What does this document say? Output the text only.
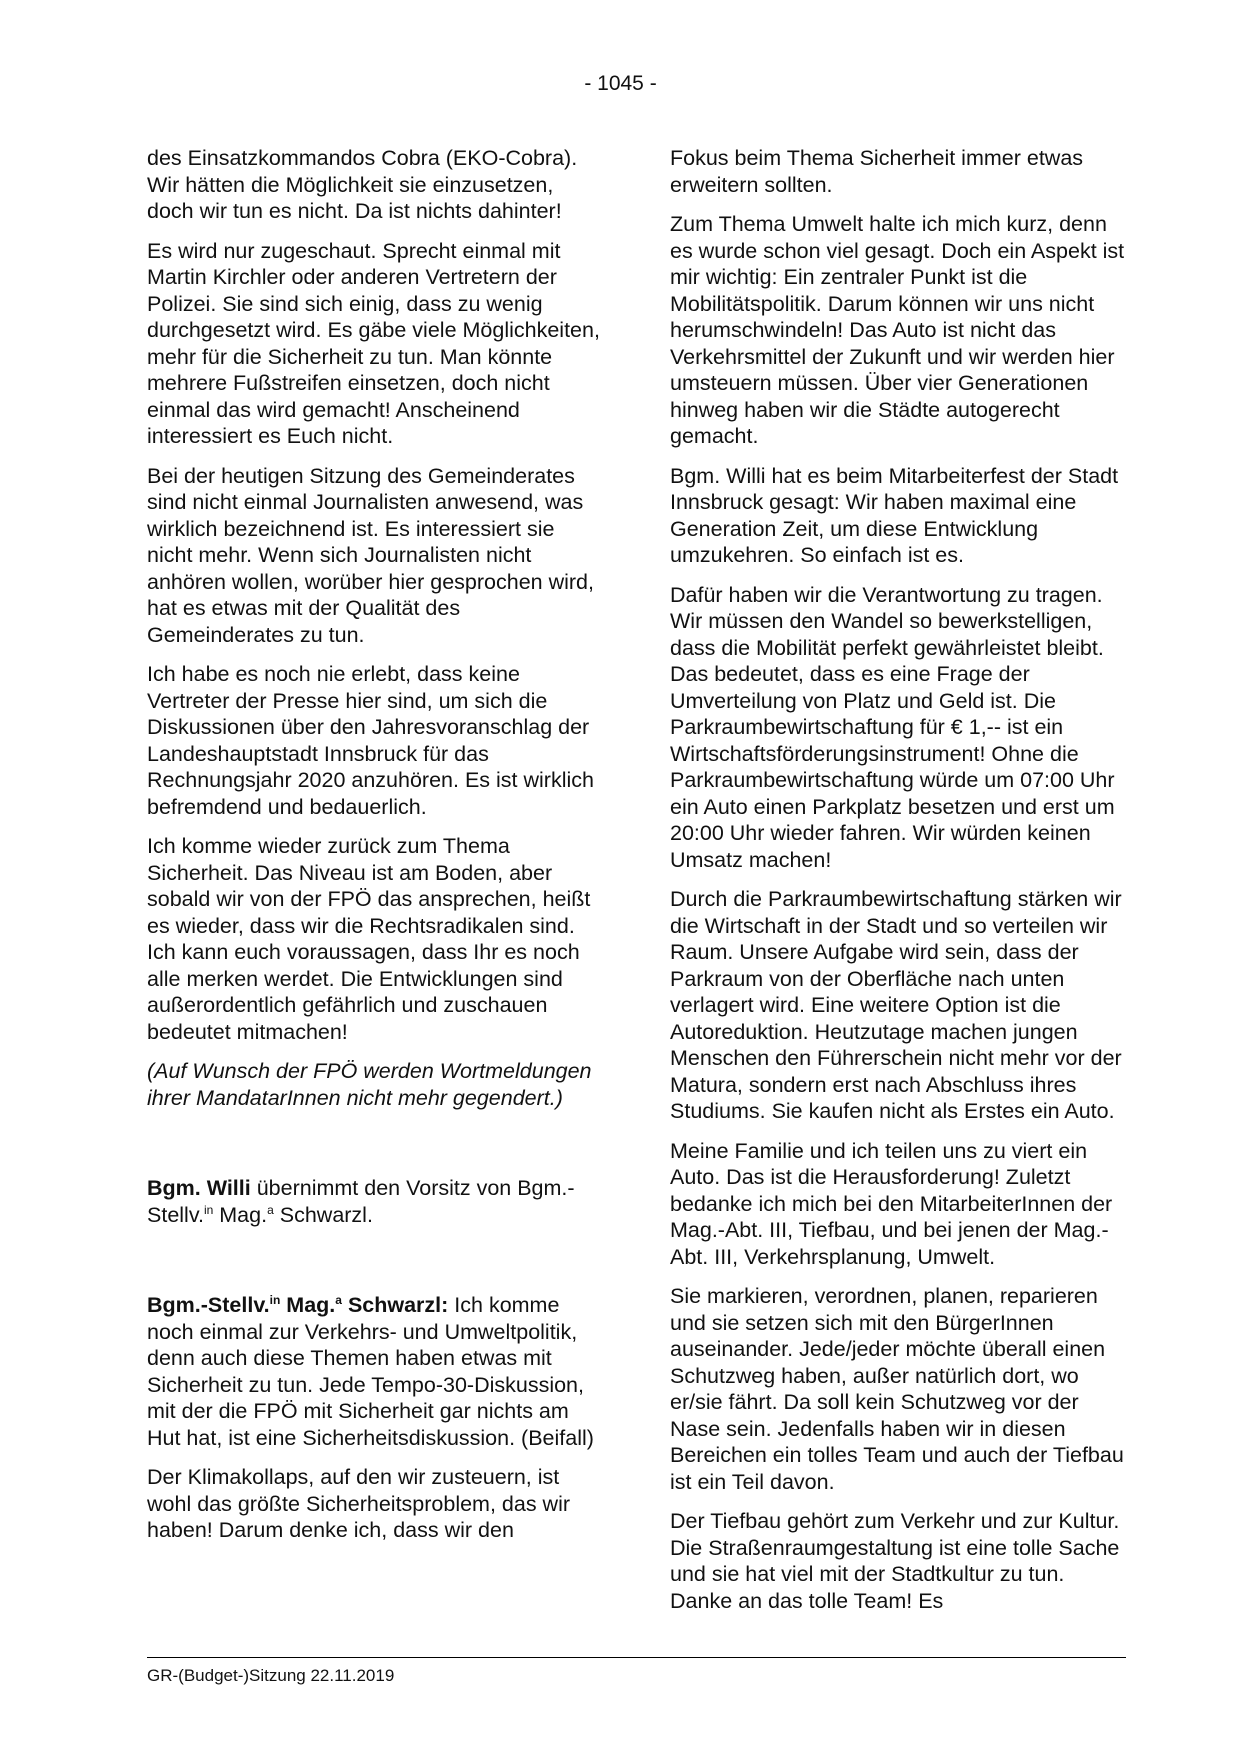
- 1045 -

des Einsatzkommandos Cobra (EKO-Cobra). Wir hätten die Möglichkeit sie einzusetzen, doch wir tun es nicht. Da ist nichts dahinter!

Es wird nur zugeschaut. Sprecht einmal mit Martin Kirchler oder anderen Vertretern der Polizei. Sie sind sich einig, dass zu wenig durchgesetzt wird. Es gäbe viele Möglichkeiten, mehr für die Sicherheit zu tun. Man könnte mehrere Fußstreifen einsetzen, doch nicht einmal das wird gemacht! Anscheinend interessiert es Euch nicht.

Bei der heutigen Sitzung des Gemeinderates sind nicht einmal Journalisten anwesend, was wirklich bezeichnend ist. Es interessiert sie nicht mehr. Wenn sich Journalisten nicht anhören wollen, worüber hier gesprochen wird, hat es etwas mit der Qualität des Gemeinderates zu tun.

Ich habe es noch nie erlebt, dass keine Vertreter der Presse hier sind, um sich die Diskussionen über den Jahresvoranschlag der Landeshauptstadt Innsbruck für das Rechnungsjahr 2020 anzuhören. Es ist wirklich befremdend und bedauerlich.

Ich komme wieder zurück zum Thema Sicherheit. Das Niveau ist am Boden, aber sobald wir von der FPÖ das ansprechen, heißt es wieder, dass wir die Rechtsradikalen sind. Ich kann euch voraussagen, dass Ihr es noch alle merken werdet. Die Entwicklungen sind außerordentlich gefährlich und zuschauen bedeutet mitmachen!

(Auf Wunsch der FPÖ werden Wortmeldungen ihrer MandatarInnen nicht mehr gegendert.)

Bgm. Willi übernimmt den Vorsitz von Bgm.-Stellv.$^{in}$ Mag.$^a$ Schwarzl.

Bgm.-Stellv.$^{in}$ Mag.$^a$ Schwarzl: Ich komme noch einmal zur Verkehrs- und Umweltpolitik, denn auch diese Themen haben etwas mit Sicherheit zu tun. Jede Tempo-30-Diskussion, mit der die FPÖ mit Sicherheit gar nichts am Hut hat, ist eine Sicherheitsdiskussion. (Beifall)

Der Klimakollaps, auf den wir zusteuern, ist wohl das größte Sicherheitsproblem, das wir haben! Darum denke ich, dass wir den

Fokus beim Thema Sicherheit immer etwas erweitern sollten.

Zum Thema Umwelt halte ich mich kurz, denn es wurde schon viel gesagt. Doch ein Aspekt ist mir wichtig: Ein zentraler Punkt ist die Mobilitätspolitik. Darum können wir uns nicht herumschwindeln! Das Auto ist nicht das Verkehrsmittel der Zukunft und wir werden hier umsteuern müssen. Über vier Generationen hinweg haben wir die Städte autogerecht gemacht.

Bgm. Willi hat es beim Mitarbeiterfest der Stadt Innsbruck gesagt: Wir haben maximal eine Generation Zeit, um diese Entwicklung umzukehren. So einfach ist es.

Dafür haben wir die Verantwortung zu tragen. Wir müssen den Wandel so bewerkstelligen, dass die Mobilität perfekt gewährleistet bleibt. Das bedeutet, dass es eine Frage der Umverteilung von Platz und Geld ist. Die Parkraumbewirtschaftung für € 1,-- ist ein Wirtschaftsförderungsinstrument! Ohne die Parkraumbewirtschaftung würde um 07:00 Uhr ein Auto einen Parkplatz besetzen und erst um 20:00 Uhr wieder fahren. Wir würden keinen Umsatz machen!

Durch die Parkraumbewirtschaftung stärken wir die Wirtschaft in der Stadt und so verteilen wir Raum. Unsere Aufgabe wird sein, dass der Parkraum von der Oberfläche nach unten verlagert wird. Eine weitere Option ist die Autoreduktion. Heutzutage machen jungen Menschen den Führerschein nicht mehr vor der Matura, sondern erst nach Abschluss ihres Studiums. Sie kaufen nicht als Erstes ein Auto.

Meine Familie und ich teilen uns zu viert ein Auto. Das ist die Herausforderung! Zuletzt bedanke ich mich bei den MitarbeiterInnen der Mag.-Abt. III, Tiefbau, und bei jenen der Mag.-Abt. III, Verkehrsplanung, Umwelt.

Sie markieren, verordnen, planen, reparieren und sie setzen sich mit den BürgerInnen auseinander. Jede/jeder möchte überall einen Schutzweg haben, außer natürlich dort, wo er/sie fährt. Da soll kein Schutzweg vor der Nase sein. Jedenfalls haben wir in diesen Bereichen ein tolles Team und auch der Tiefbau ist ein Teil davon.

Der Tiefbau gehört zum Verkehr und zur Kultur. Die Straßenraumgestaltung ist eine tolle Sache und sie hat viel mit der Stadtkultur zu tun. Danke an das tolle Team! Es

GR-(Budget-)Sitzung 22.11.2019
